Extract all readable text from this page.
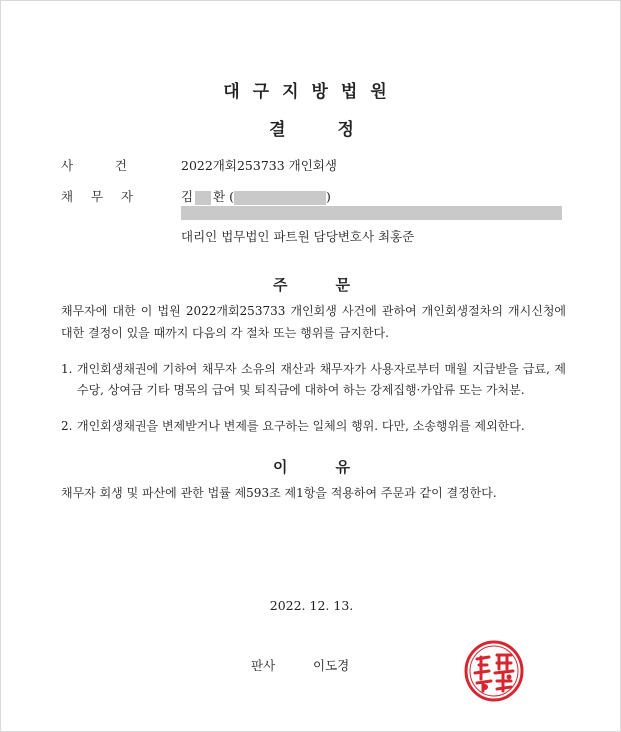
대구지방법원
결	정
사	건	2022개회253733 개인회생
채 무 자	김 환 (	)
대리인 법무법인 파트원 담당변호사 최홍준
주	문
채무자에 대한 이 법원 2022개회253733 개인회생 사건에 관하여 개인회생절차의 개시신청에 대한 결정이 있을 때까지 다음의 각 절차 또는 행위를 금지한다.
1. 개인회생채권에 기하여 채무자 소유의 재산과 채무자가 사용자로부터 매월 지급받을 급료, 제수당, 상여금 기타 명목의 급여 및 퇴직금에 대하여 하는 강제집행·가압류 또는 가처분.
2. 개인회생채권을 변제받거나 변제를 요구하는 일체의 행위. 다만, 소송행위를 제외한다.
이	유
채무자 회생 및 파산에 관한 법률 제593조 제1항을 적용하여 주문과 같이 결정한다.
2022. 12. 13.
판사	이도경
